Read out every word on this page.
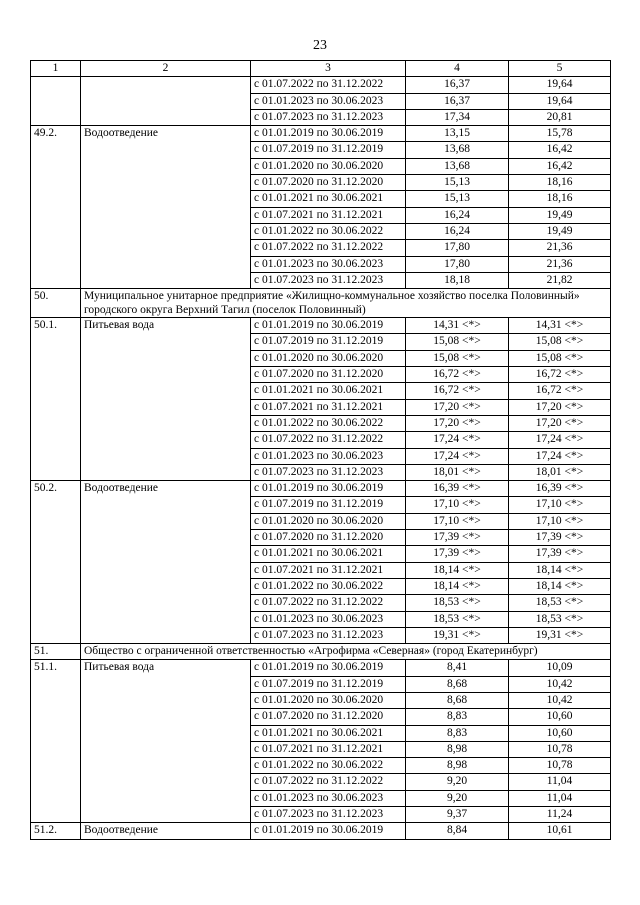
23
1	2	3	4	5
		с 01.07.2022 по 31.12.2022	16,37	19,64
		с 01.01.2023 по 30.06.2023	16,37	19,64
		с 01.07.2023 по 31.12.2023	17,34	20,81
49.2.	Водоотведение	с 01.01.2019 по 30.06.2019	13,15	15,78
		с 01.07.2019 по 31.12.2019	13,68	16,42
		с 01.01.2020 по 30.06.2020	13,68	16,42
		с 01.07.2020 по 31.12.2020	15,13	18,16
		с 01.01.2021 по 30.06.2021	15,13	18,16
		с 01.07.2021 по 31.12.2021	16,24	19,49
		с 01.01.2022 по 30.06.2022	16,24	19,49
		с 01.07.2022 по 31.12.2022	17,80	21,36
		с 01.01.2023 по 30.06.2023	17,80	21,36
		с 01.07.2023 по 31.12.2023	18,18	21,82
50.	Муниципальное унитарное предприятие «Жилищно-коммунальное хозяйство поселка Половинный» городского округа Верхний Тагил (поселок Половинный)			
50.1.	Питьевая вода	с 01.01.2019 по 30.06.2019	14,31 <*>	14,31 <*>
		с 01.07.2019 по 31.12.2019	15,08 <*>	15,08 <*>
		с 01.01.2020 по 30.06.2020	15,08 <*>	15,08 <*>
		с 01.07.2020 по 31.12.2020	16,72 <*>	16,72 <*>
		с 01.01.2021 по 30.06.2021	16,72 <*>	16,72 <*>
		с 01.07.2021 по 31.12.2021	17,20 <*>	17,20 <*>
		с 01.01.2022 по 30.06.2022	17,20 <*>	17,20 <*>
		с 01.07.2022 по 31.12.2022	17,24 <*>	17,24 <*>
		с 01.01.2023 по 30.06.2023	17,24 <*>	17,24 <*>
		с 01.07.2023 по 31.12.2023	18,01 <*>	18,01 <*>
50.2.	Водоотведение	с 01.01.2019 по 30.06.2019	16,39 <*>	16,39 <*>
		с 01.07.2019 по 31.12.2019	17,10 <*>	17,10 <*>
		с 01.01.2020 по 30.06.2020	17,10 <*>	17,10 <*>
		с 01.07.2020 по 31.12.2020	17,39 <*>	17,39 <*>
		с 01.01.2021 по 30.06.2021	17,39 <*>	17,39 <*>
		с 01.07.2021 по 31.12.2021	18,14 <*>	18,14 <*>
		с 01.01.2022 по 30.06.2022	18,14 <*>	18,14 <*>
		с 01.07.2022 по 31.12.2022	18,53 <*>	18,53 <*>
		с 01.01.2023 по 30.06.2023	18,53 <*>	18,53 <*>
		с 01.07.2023 по 31.12.2023	19,31 <*>	19,31 <*>
51.	Общество с ограниченной ответственностью «Агрофирма «Северная» (город Екатеринбург)			
51.1.	Питьевая вода	с 01.01.2019 по 30.06.2019	8,41	10,09
		с 01.07.2019 по 31.12.2019	8,68	10,42
		с 01.01.2020 по 30.06.2020	8,68	10,42
		с 01.07.2020 по 31.12.2020	8,83	10,60
		с 01.01.2021 по 30.06.2021	8,83	10,60
		с 01.07.2021 по 31.12.2021	8,98	10,78
		с 01.01.2022 по 30.06.2022	8,98	10,78
		с 01.07.2022 по 31.12.2022	9,20	11,04
		с 01.01.2023 по 30.06.2023	9,20	11,04
		с 01.07.2023 по 31.12.2023	9,37	11,24
51.2.	Водоотведение	с 01.01.2019 по 30.06.2019	8,84	10,61
